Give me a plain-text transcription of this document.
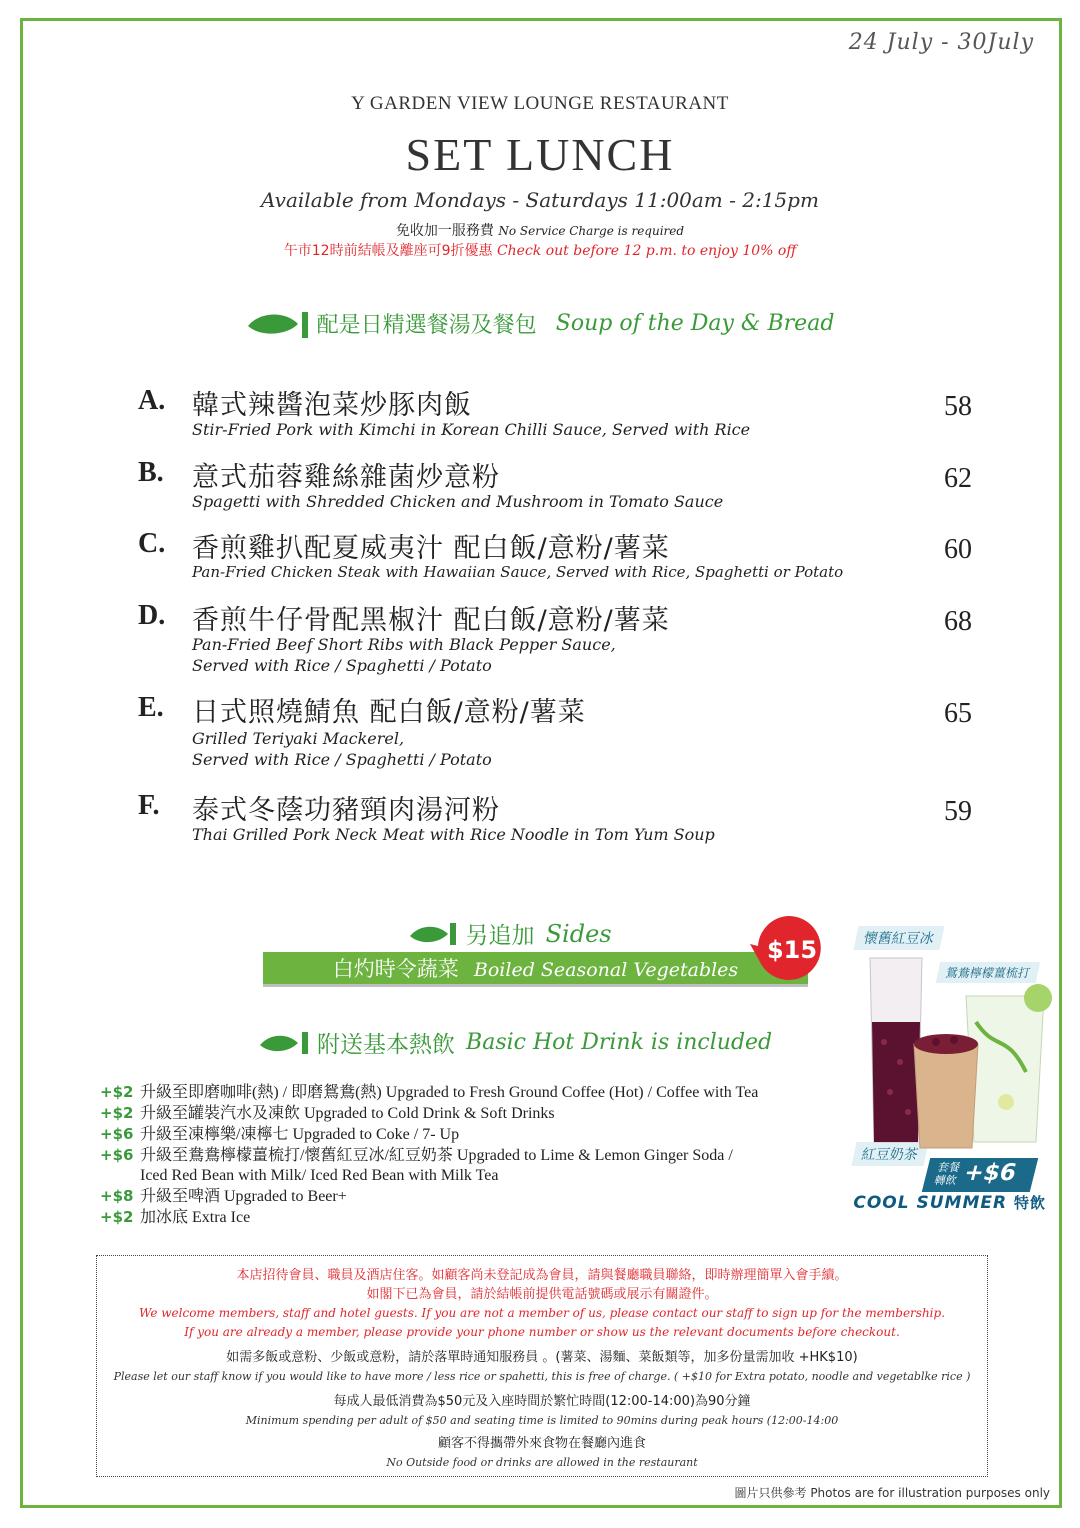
24 July - 30July
Y GARDEN VIEW LOUNGE RESTAURANT
SET LUNCH
Available from Mondays - Saturdays 11:00am - 2:15pm
免收加一服務費 No Service Charge is required
午市12時前結帳及離座可9折優惠 Check out before 12 p.m. to enjoy 10% off
配是日精選餐湯及餐包 Soup of the Day & Bread
A. 韓式辣醬泡菜炒豚肉飯
Stir-Fried Pork with Kimchi in Korean Chilli Sauce, Served with Rice
58
B. 意式茄蓉雞絲雜菌炒意粉
Spagetti with Shredded Chicken and Mushroom in Tomato Sauce
62
C. 香煎雞扒配夏威夷汁 配白飯/意粉/薯菜
Pan-Fried Chicken Steak with Hawaiian Sauce, Served with Rice, Spaghetti or Potato
60
D. 香煎牛仔骨配黑椒汁 配白飯/意粉/薯菜
Pan-Fried Beef Short Ribs with Black Pepper Sauce,
Served with Rice / Spaghetti / Potato
68
E. 日式照燒鯖魚 配白飯/意粉/薯菜
Grilled Teriyaki Mackerel,
Served with Rice / Spaghetti / Potato
65
F. 泰式冬蔭功豬頸肉湯河粉
Thai Grilled Pork Neck Meat with Rice Noodle in Tom Yum Soup
59
另追加 Sides
白灼時令蔬菜 Boiled Seasonal Vegetables
$15
附送基本熱飲 Basic Hot Drink is included
+$2 升級至即磨咖啡(熱) / 即磨鴛鴦(熱) Upgraded to Fresh Ground Coffee (Hot) / Coffee with Tea
+$2 升級至罐裝汽水及凍飲 Upgraded to Cold Drink & Soft Drinks
+$6 升級至凍檸樂/凍檸七 Upgraded to Coke / 7- Up
+$6 升級至鴦鴦檸檬薑梳打/懷舊紅豆冰/紅豆奶茶 Upgraded to Lime & Lemon Ginger Soda /
Iced Red Bean with Milk/ Iced Red Bean with Milk Tea
+$8 升級至啤酒 Upgraded to Beer+
+$2 加冰底 Extra Ice
懷舊紅豆冰
鴛鴦檸檬薑梳打
紅豆奶茶
套餐轉飲 +$6
COOL SUMMER 特飲

本店招待會員、職員及酒店住客。如顧客尚未登記成為會員，請與餐廳職員聯絡，即時辦理簡單入會手續。

如閣下已為會員，請於結帳前提供電話號碼或展示有關證件。

We welcome members, staff and hotel guests. If you are not a member of us, please contact our staff to sign up for the membership.

If you are already a member, please provide your phone number or show us the relevant documents before checkout.

如需多飯或意粉、少飯或意粉，請於落單時通知服務員 。(薯菜、湯麵、菜飯類等，加多份量需加收 +HK$10)

Please let our staff know if you would like to have more / less rice or spahetti, this is free of charge. ( +$10 for Extra potato, noodle and vegetablke rice )

每成人最低消費為$50元及入座時間於繁忙時間(12:00-14:00)為90分鐘

Minimum spending per adult of $50 and seating time is limited to 90mins during peak hours (12:00-14:00

顧客不得攜帶外來食物在餐廳內進食

No Outside food or drinks are allowed in the restaurant

圖片只供參考 Photos are for illustration purposes only
